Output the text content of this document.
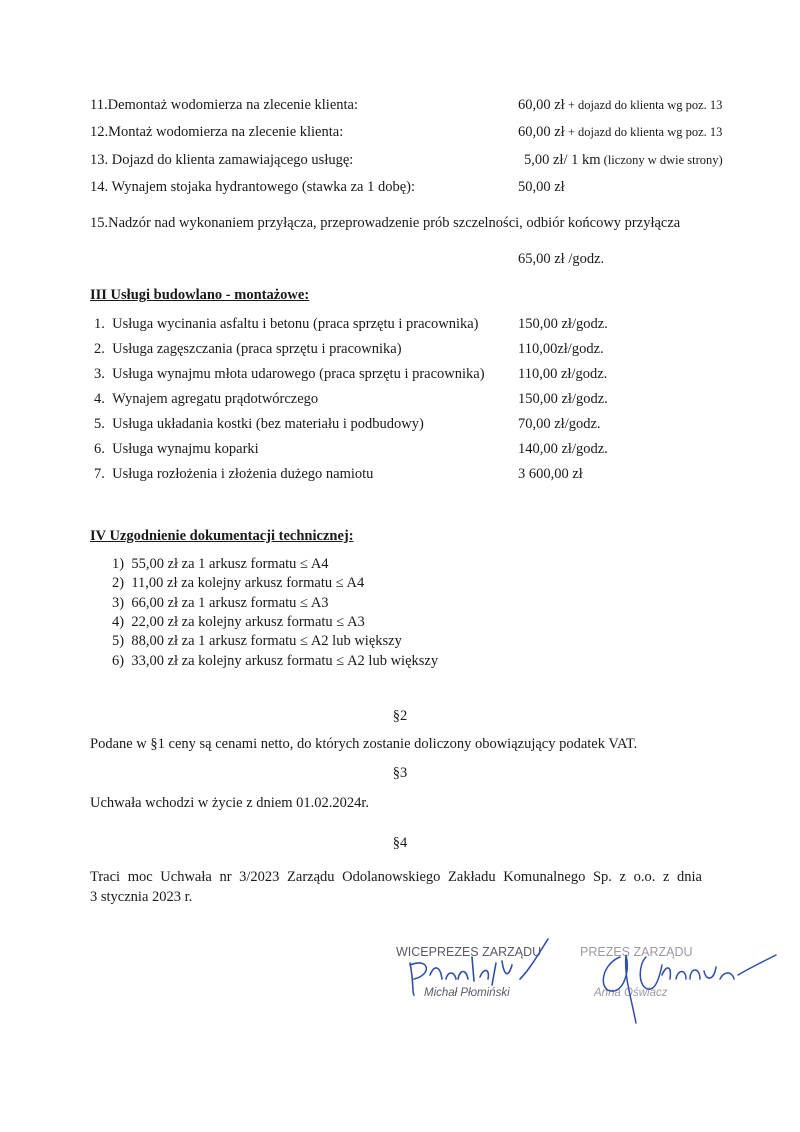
11.Demontaż wodomierza na zlecenie klienta:	60,00 zł + dojazd do klienta wg poz. 13
12.Montaż wodomierza na zlecenie klienta:	60,00 zł + dojazd do klienta wg poz. 13
13. Dojazd do klienta zamawiającego usługę:	5,00 zł/ 1 km (liczony w dwie strony)
14. Wynajem stojaka hydrantowego (stawka za 1 dobę):	50,00 zł
15.Nadzór nad wykonaniem przyłącza, przeprowadzenie prób szczelności, odbiór końcowy przyłącza
65,00 zł /godz.
III Usługi budowlano - montażowe:
1. Usługa wycinania asfaltu i betonu (praca sprzętu i pracownika)	150,00 zł/godz.
2. Usługa zagęszczania (praca sprzętu i pracownika)	110,00zł/godz.
3. Usługa wynajmu młota udarowego (praca sprzętu i pracownika) 110,00 zł/godz.
4. Wynajem agregatu prądotwórczego	150,00 zł/godz.
5. Usługa układania kostki (bez materiału i podbudowy)	70,00 zł/godz.
6. Usługa wynajmu koparki	140,00 zł/godz.
7. Usługa rozłożenia i złożenia dużego namiotu	3 600,00 zł
IV Uzgodnienie dokumentacji technicznej:
1) 55,00 zł za 1 arkusz formatu ≤ A4
2) 11,00 zł za kolejny arkusz formatu ≤ A4
3) 66,00 zł za 1 arkusz formatu ≤ A3
4) 22,00 zł za kolejny arkusz formatu ≤ A3
5) 88,00 zł za 1 arkusz formatu ≤ A2 lub większy
6) 33,00 zł za kolejny arkusz formatu ≤ A2 lub większy
§2
Podane w §1 ceny są cenami netto, do których zostanie doliczony obowiązujący podatek VAT.
§3
Uchwała wchodzi w życie z dniem 01.02.2024r.
§4
Traci moc Uchwała nr 3/2023 Zarządu Odolanowskiego Zakładu Komunalnego Sp. z o.o. z dnia
3 stycznia 2023 r.
WICEPREZES ZARZĄDU
Michał Płomiński
PREZES ZARZĄDU
Anna Oświacz
